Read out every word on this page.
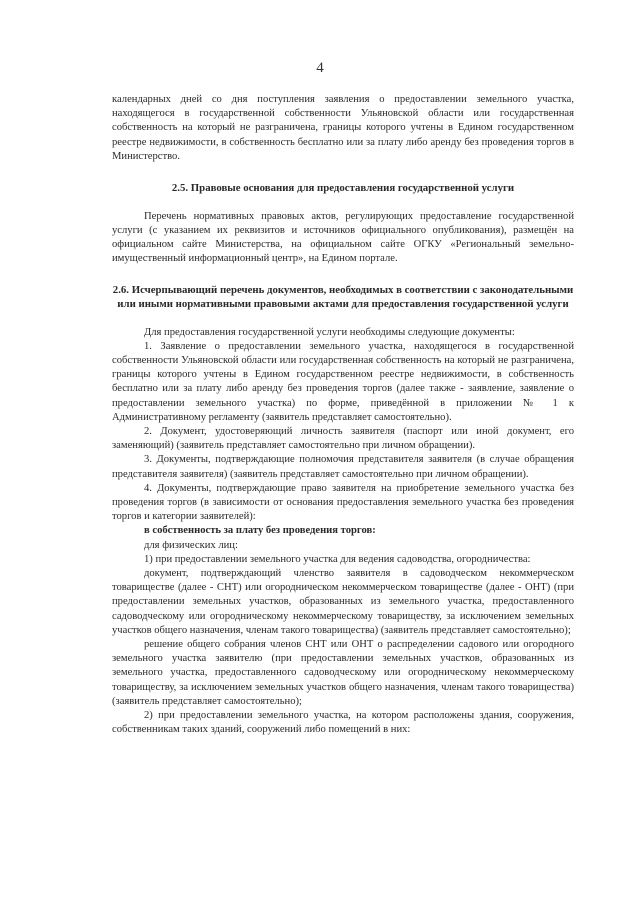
4

календарных дней со дня поступления заявления о предоставлении земельного участка, находящегося в государственной собственности Ульяновской области или государственная собственность на который не разграничена, границы которого учтены в Едином государственном реестре недвижимости, в собственность бесплатно или за плату либо аренду без проведения торгов в Министерство.

2.5. Правовые основания для предоставления государственной услуги

Перечень нормативных правовых актов, регулирующих предоставление государственной услуги (с указанием их реквизитов и источников официального опубликования), размещён на официальном сайте Министерства, на официальном сайте ОГКУ «Региональный земельно-имущественный информационный центр», на Едином портале.

2.6. Исчерпывающий перечень документов, необходимых в соответствии с законодательными или иными нормативными правовыми актами для предоставления государственной услуги

Для предоставления государственной услуги необходимы следующие документы:

1. Заявление о предоставлении земельного участка, находящегося в государственной собственности Ульяновской области или государственная собственность на который не разграничена, границы которого учтены в Едином государственном реестре недвижимости, в собственность бесплатно или за плату либо аренду без проведения торгов (далее также - заявление, заявление о предоставлении земельного участка) по форме, приведённой в приложении № 1 к Административному регламенту (заявитель представляет самостоятельно).

2. Документ, удостоверяющий личность заявителя (паспорт или иной документ, его заменяющий) (заявитель представляет самостоятельно при личном обращении).

3. Документы, подтверждающие полномочия представителя заявителя (в случае обращения представителя заявителя) (заявитель представляет самостоятельно при личном обращении).

4. Документы, подтверждающие право заявителя на приобретение земельного участка без проведения торгов (в зависимости от основания предоставления земельного участка без проведения торгов и категории заявителей):

в собственность за плату без проведения торгов:

для физических лиц:

1) при предоставлении земельного участка для ведения садоводства, огородничества:

документ, подтверждающий членство заявителя в садоводческом некоммерческом товариществе (далее - СНТ) или огородническом некоммерческом товариществе (далее - ОНТ) (при предоставлении земельных участков, образованных из земельного участка, предоставленного садоводческому или огородническому некоммерческому товариществу, за исключением земельных участков общего назначения, членам такого товарищества) (заявитель представляет самостоятельно);

решение общего собрания членов СНТ или ОНТ о распределении садового или огородного земельного участка заявителю (при предоставлении земельных участков, образованных из земельного участка, предоставленного садоводческому или огородническому некоммерческому товариществу, за исключением земельных участков общего назначения, членам такого товарищества) (заявитель представляет самостоятельно);

2) при предоставлении земельного участка, на котором расположены здания, сооружения, собственникам таких зданий, сооружений либо помещений в них:
